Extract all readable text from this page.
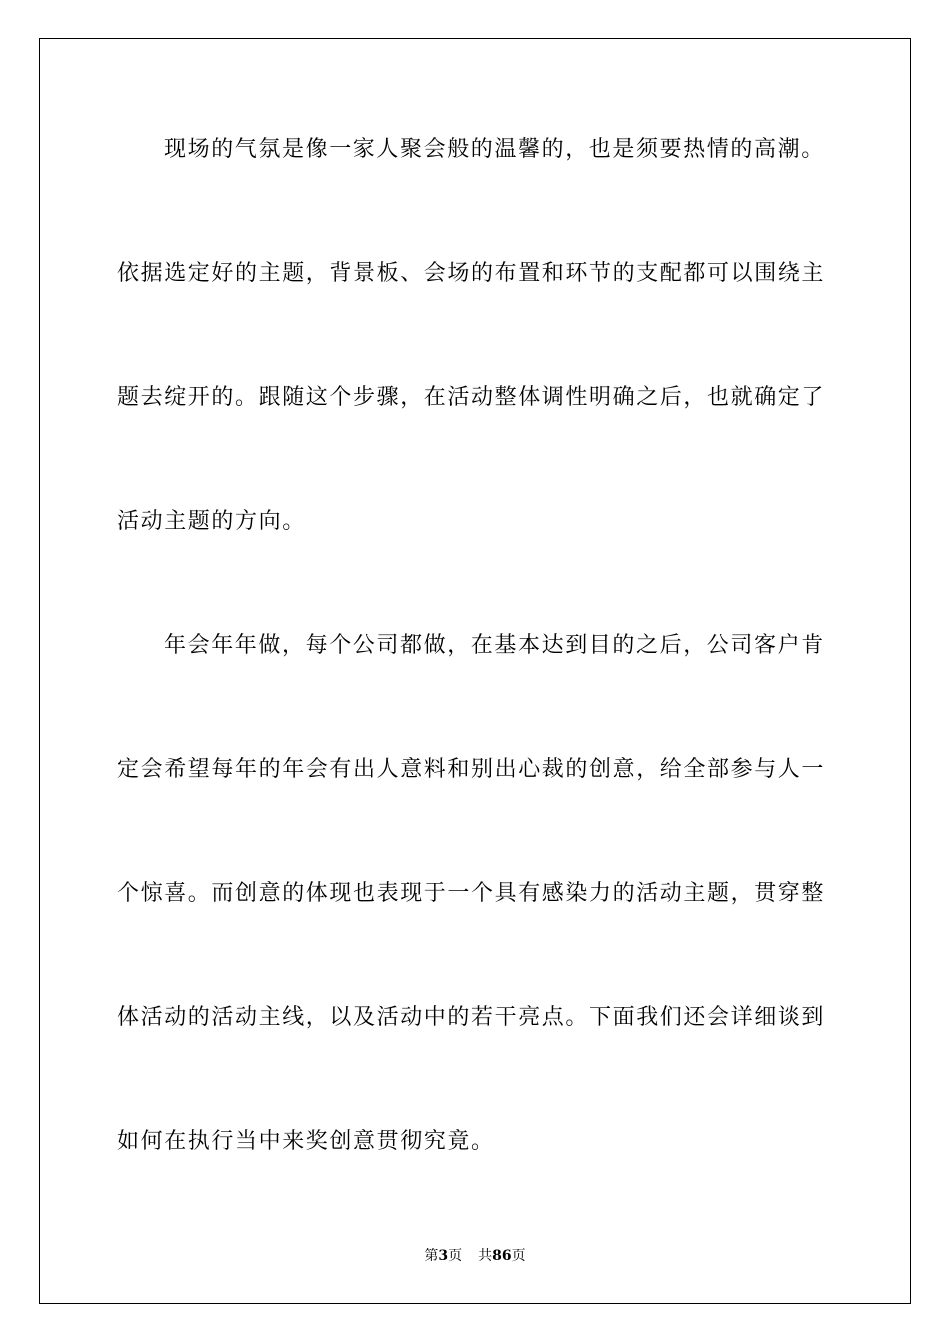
现场的气氛是像一家人聚会般的温馨的，也是须要热情的高潮。
依据选定好的主题，背景板、会场的布置和环节的支配都可以围绕主
题去绽开的。跟随这个步骤，在活动整体调性明确之后，也就确定了
活动主题的方向。
年会年年做，每个公司都做，在基本达到目的之后，公司客户肯
定会希望每年的年会有出人意料和别出心裁的创意，给全部参与人一
个惊喜。而创意的体现也表现于一个具有感染力的活动主题，贯穿整
体活动的活动主线，以及活动中的若干亮点。下面我们还会详细谈到
如何在执行当中来奖创意贯彻究竟。
第3页 共86页
